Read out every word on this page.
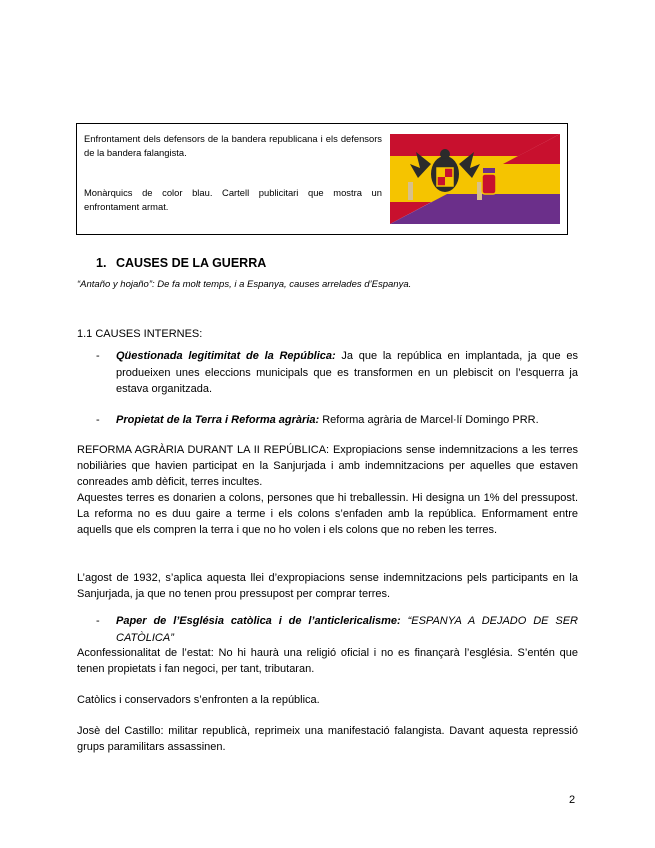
Enfrontament dels defensors de la bandera republicana i els defensors de la bandera falangista.

Monàrquics de color blau. Cartell publicitari que mostra un enfrontament armat.

1. CAUSES DE LA GUERRA
“Antaño y hojaño”: De fa molt temps, i a Espanya, causes arrelades d’Espanya.
1.1 CAUSES INTERNES:
- Qüestionada legitimitat de la República: Ja que la república en implantada, ja que es produeixen unes eleccions municipals que es transformen en un plebiscit on l’esquerra ja estava organitzada.
- Propietat de la Terra i Reforma agrària: Reforma agrària de Marcel·lí Domingo PRR.

REFORMA AGRÀRIA DURANT LA II REPÚBLICA: Expropiacions sense indemnitzacions a les terres nobiliàries que havien participat en la Sanjurjada i amb indemnitzacions per aquelles que estaven conreades amb dèficit, terres incultes.

Aquestes terres es donarien a colons, persones que hi treballessin. Hi designa un 1% del pressupost. La reforma no es duu gaire a terme i els colons s’enfaden amb la república. Enformament entre aquells que els compren la terra i que no ho volen i els colons que no reben les terres.

L’agost de 1932, s’aplica aquesta llei d’expropiacions sense indemnitzacions pels participants en la Sanjurjada, ja que no tenen prou pressupost per comprar terres.

- Paper de l’Església catòlica i de l’anticlericalisme: “ESPANYA A DEJADO DE SER CATÒLICA”

Aconfessionalitat de l’estat: No hi haurà una religió oficial i no es finançarà l’església. S’entén que tenen propietats i fan negoci, per tant, tributaran.

Catòlics i conservadors s’enfronten a la república.

Josè del Castillo: militar republicà, reprimeix una manifestació falangista. Davant aquesta repressió grups paramilitars assassinen.

2
